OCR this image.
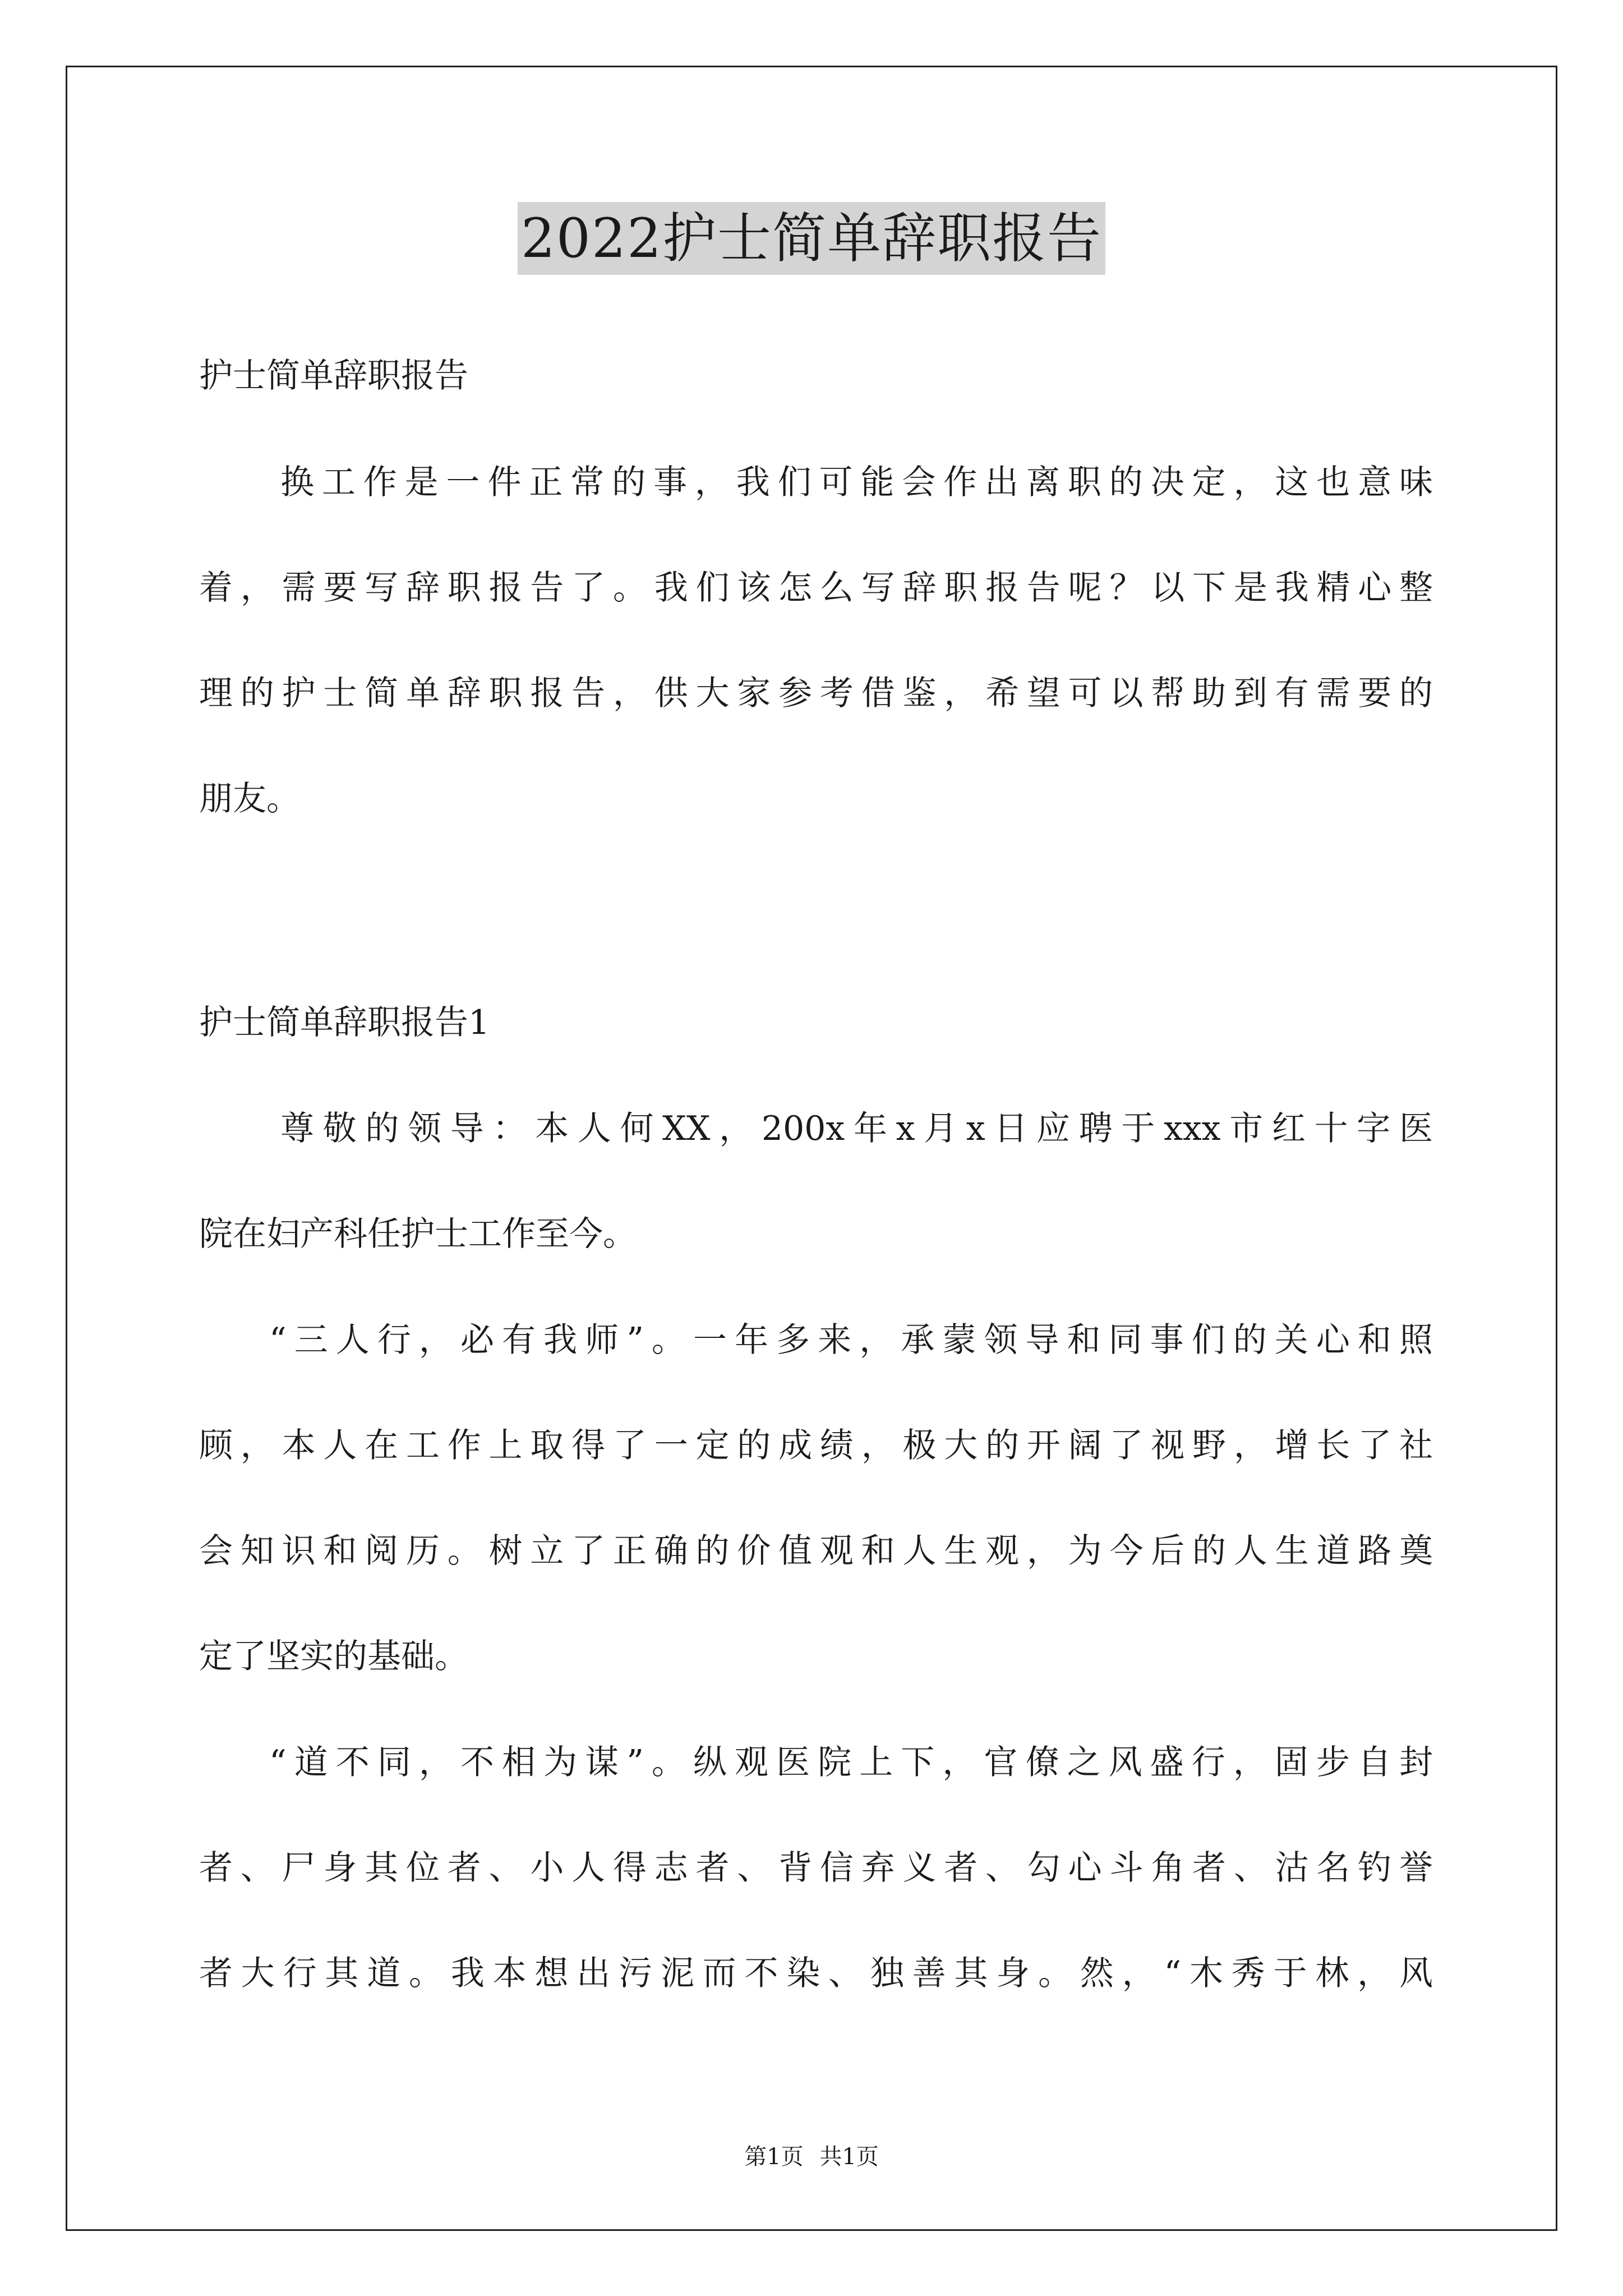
2022护士简单辞职报告
护士简单辞职报告
换工作是一件正常的事，我们可能会作出离职的决定，这也意味
着，需要写辞职报告了。我们该怎么写辞职报告呢？以下是我精心整
理的护士简单辞职报告，供大家参考借鉴，希望可以帮助到有需要的
朋友。
护士简单辞职报告1
尊敬的领导：本人何XX，200x年x月x日应聘于xxx市红十字医
院在妇产科任护士工作至今。
“三人行，必有我师”。一年多来，承蒙领导和同事们的关心和照
顾，本人在工作上取得了一定的成绩，极大的开阔了视野，增长了社
会知识和阅历。树立了正确的价值观和人生观，为今后的人生道路奠
定了坚实的基础。
“道不同，不相为谋”。纵观医院上下，官僚之风盛行，固步自封
者、尸身其位者、小人得志者、背信弃义者、勾心斗角者、沽名钓誉
者大行其道。我本想出污泥而不染、独善其身。然，“木秀于林，风
第1页 共1页
